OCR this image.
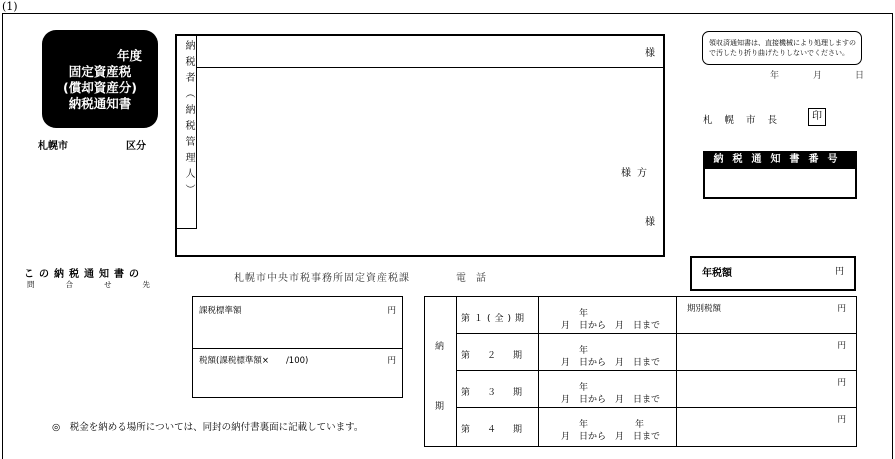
(1)
年度
固定資産税
(償却資産分)
納税通知書
札幌市	区分	納税者（納税管理人）	様
様方
様
領収済通知書は、直接機械により処理しますので汚したり折り曲げたりしないでください。
年	月	日
札幌市長	印
納税通知書番号
この納税通知書の
問合せ先
札幌市中央市税事務所固定資産税課	電話	年税額	円
課税標準額	円
税額(課税標準額×　　/100)	円
◎　税金を納める場所については、同封の納付書裏面に記載しています。
納
期
第１(全)期	年
月　日から　月　日まで
期別税額	円
第　２　期	年
月　日から　月　日まで
円
第　３　期	年
月　日から　月　日まで
円
第　４　期	年	年
月　日から　月　日まで
円
